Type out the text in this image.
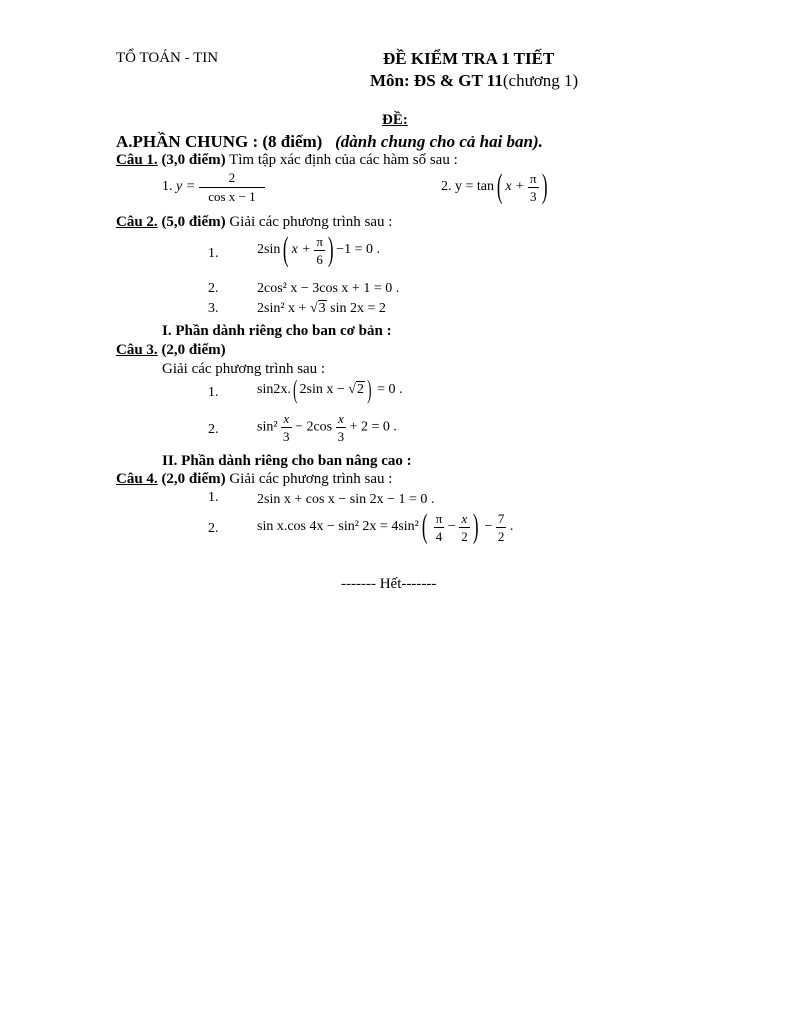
TỔ TOÁN - TIN	ĐỀ KIỂM TRA 1 TIẾT
Môn: ĐS & GT 11(chương 1)
ĐỀ:
A.PHẦN CHUNG : (8 điểm) (dành chung cho cả hai ban).
Câu 1. (3,0 điểm) Tìm tập xác định của các hàm số sau :
1. $y = \frac{2}{\text{cos x − 1}}$	2. y = tan( $x + \frac{\pi}{3}$ )
Câu 2. (5,0 điểm) Giải các phương trình sau :
1.	2sin( $x + \frac{\pi}{6}$ ) −1 = 0 .
2.	2cos² x − 3cos x + 1 = 0 .
3.	2sin² x + √3 sin 2x = 2
I. Phần dành riêng cho ban cơ bản :
Câu 3. (2,0 điểm)
Giải các phương trình sau :
1.	sin2x.( 2sin x − √2 ) = 0 .
2.	$\sin^2 \frac{x}{3} - 2\cos \frac{x}{3} + 2 = 0$ .
II. Phần dành riêng cho ban nâng cao :
Câu 4. (2,0 điểm) Giải các phương trình sau :
1.	2sin x + cos x − sin 2x − 1 = 0 .
2.	sin x.cos 4x − sin² $2x = 4\sin^2( \frac{\pi}{4} - \frac{x}{2}$ ) − $\frac{7}{2}$ .
------- Hết-------
